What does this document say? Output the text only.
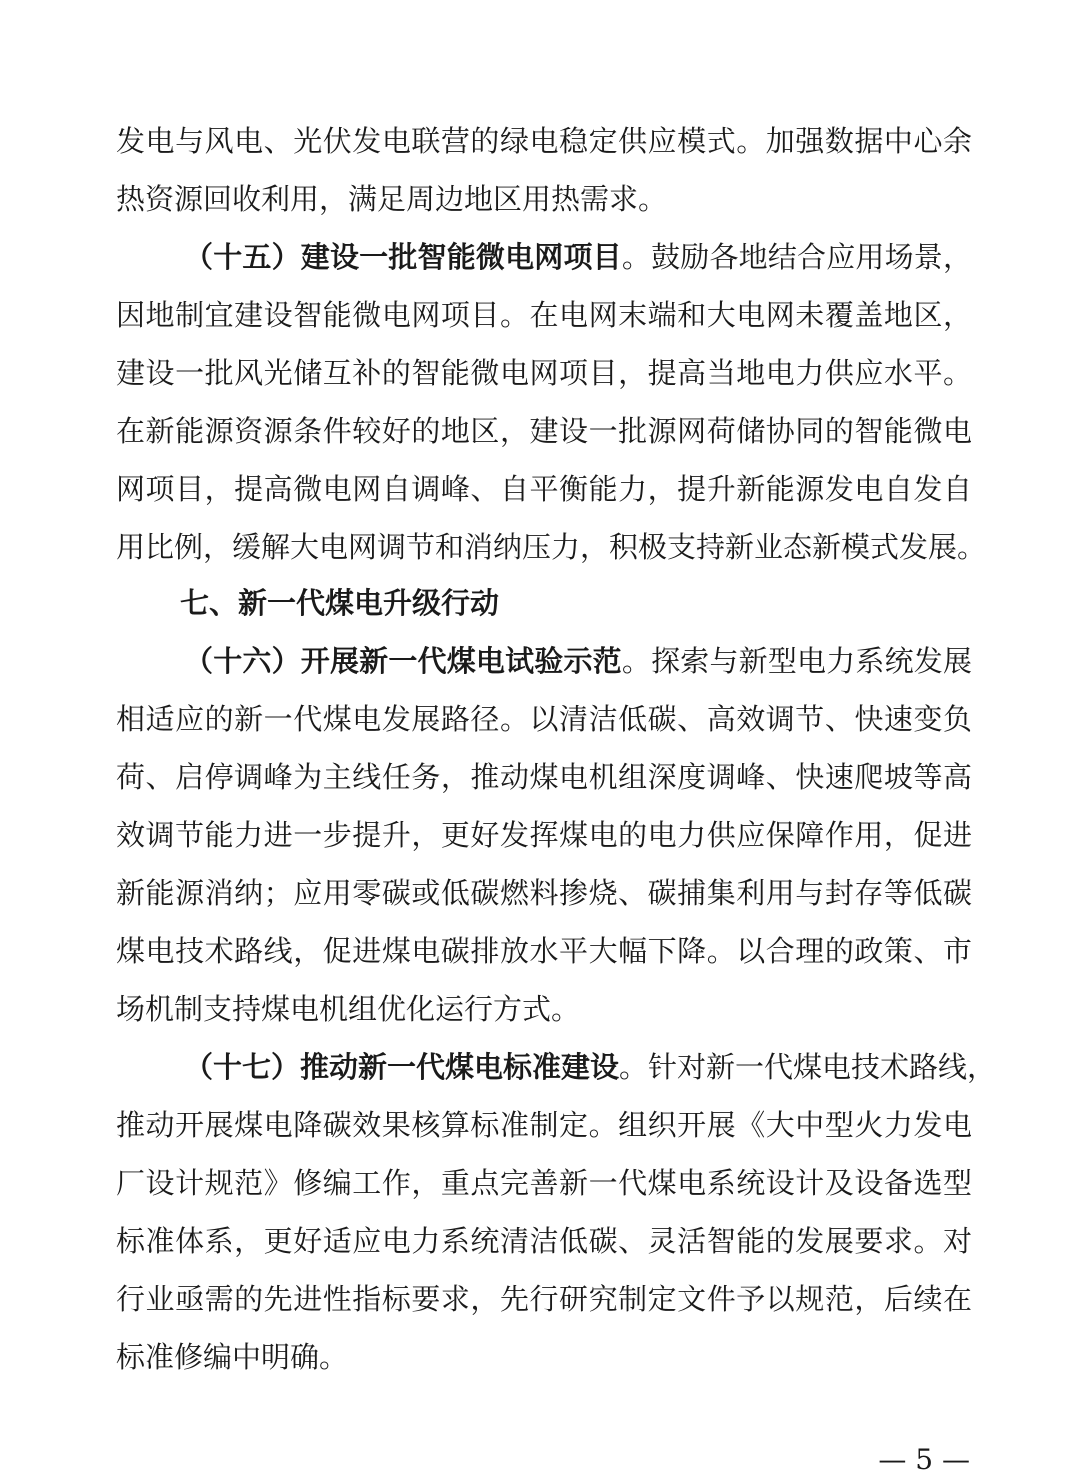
发电与风电、光伏发电联营的绿电稳定供应模式。加强数据中心余
热资源回收利用，满足周边地区用热需求。
（十五）建设一批智能微电网项目。鼓励各地结合应用场景，
因地制宜建设智能微电网项目。在电网末端和大电网未覆盖地区，
建设一批风光储互补的智能微电网项目，提高当地电力供应水平。
在新能源资源条件较好的地区，建设一批源网荷储协同的智能微电
网项目，提高微电网自调峰、自平衡能力，提升新能源发电自发自
用比例，缓解大电网调节和消纳压力，积极支持新业态新模式发展。
七、新一代煤电升级行动
（十六）开展新一代煤电试验示范。探索与新型电力系统发展
相适应的新一代煤电发展路径。以清洁低碳、高效调节、快速变负
荷、启停调峰为主线任务，推动煤电机组深度调峰、快速爬坡等高
效调节能力进一步提升，更好发挥煤电的电力供应保障作用，促进
新能源消纳；应用零碳或低碳燃料掺烧、碳捕集利用与封存等低碳
煤电技术路线，促进煤电碳排放水平大幅下降。以合理的政策、市
场机制支持煤电机组优化运行方式。
（十七）推动新一代煤电标准建设。针对新一代煤电技术路线，
推动开展煤电降碳效果核算标准制定。组织开展《大中型火力发电
厂设计规范》修编工作，重点完善新一代煤电系统设计及设备选型
标准体系，更好适应电力系统清洁低碳、灵活智能的发展要求。对
行业亟需的先进性指标要求，先行研究制定文件予以规范，后续在
标准修编中明确。
— 5 —
